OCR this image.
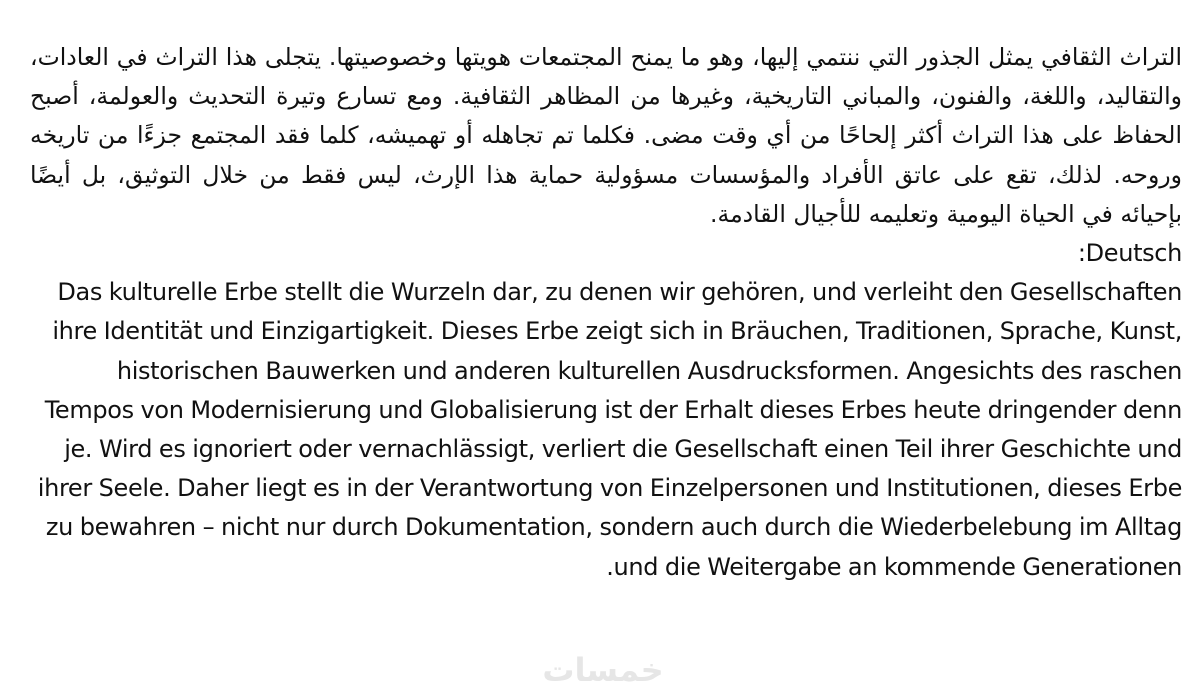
التراث الثقافي يمثل الجذور التي ننتمي إليها، وهو ما يمنح المجتمعات هويتها وخصوصيتها. يتجلى هذا التراث في العادات، والتقاليد، واللغة، والفنون، والمباني التاريخية، وغيرها من المظاهر الثقافية. ومع تسارع وتيرة التحديث والعولمة، أصبح الحفاظ على هذا التراث أكثر إلحاحًا من أي وقت مضى. فكلما تم تجاهله أو تهميشه، كلما فقد المجتمع جزءًا من تاريخه وروحه. لذلك، تقع على عاتق الأفراد والمؤسسات مسؤولية حماية هذا الإرث، ليس فقط من خلال التوثيق، بل أيضًا بإحيائه في الحياة اليومية وتعليمه للأجيال القادمة.

Deutsch:

Das kulturelle Erbe stellt die Wurzeln dar, zu denen wir gehören, und verleiht den Gesellschaften ihre Identität und Einzigartigkeit. Dieses Erbe zeigt sich in Bräuchen, Traditionen, Sprache, Kunst, historischen Bauwerken und anderen kulturellen Ausdrucksformen. Angesichts des raschen Tempos von Modernisierung und Globalisierung ist der Erhalt dieses Erbes heute dringender denn je. Wird es ignoriert oder vernachlässigt, verliert die Gesellschaft einen Teil ihrer Geschichte und ihrer Seele. Daher liegt es in der Verantwortung von Einzelpersonen und Institutionen, dieses Erbe zu bewahren – nicht nur durch Dokumentation, sondern auch durch die Wiederbelebung im Alltag und die Weitergabe an kommende Generationen.

خمسات
